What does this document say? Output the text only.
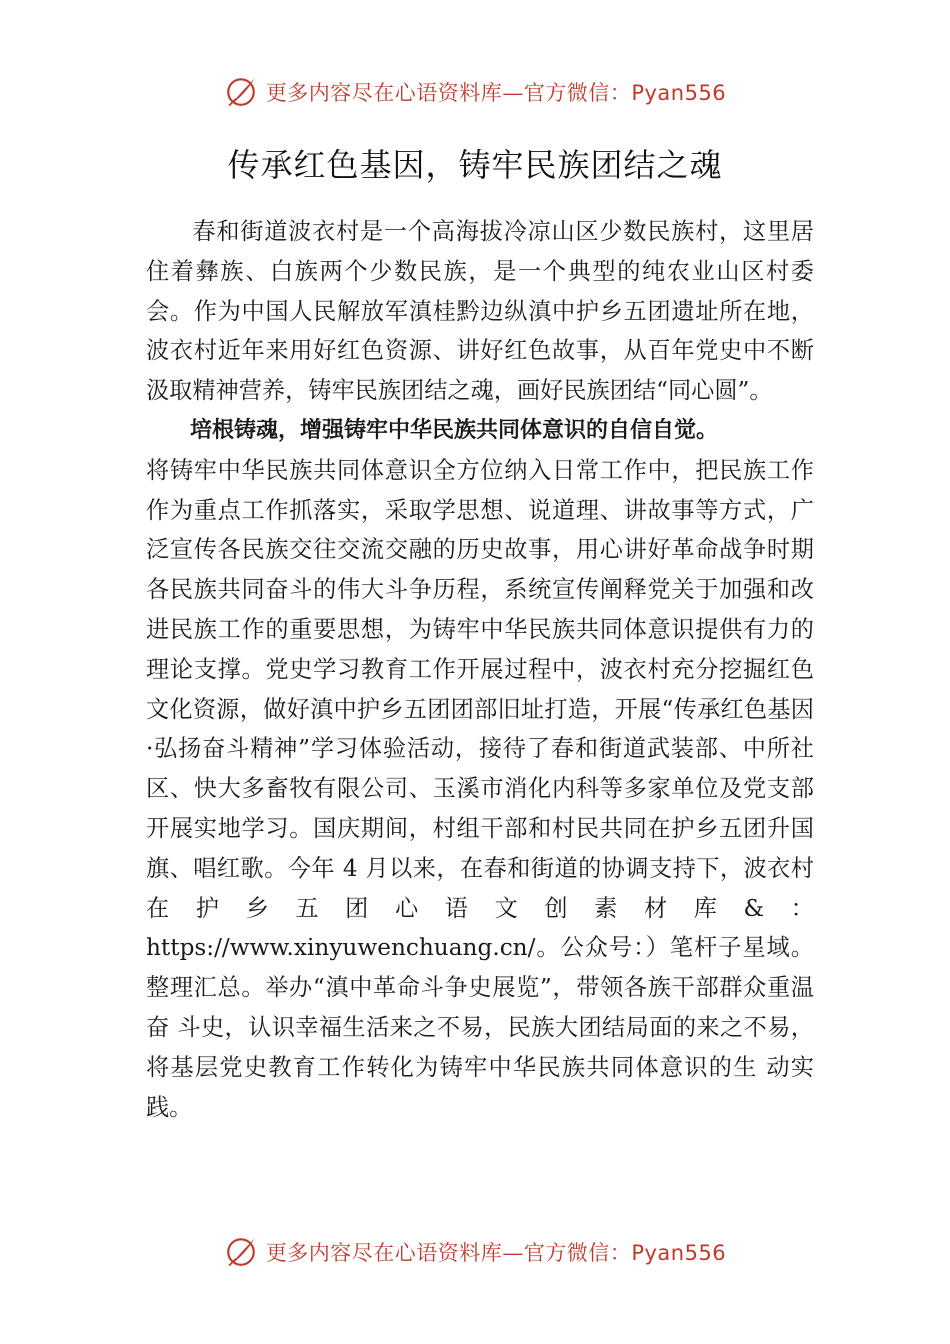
更多内容尽在心语资料库—官方微信：Pyan556
传承红色基因，铸牢民族团结之魂

春和街道波衣村是一个高海拔冷凉山区少数民族村，这里居住着彝族、白族两个少数民族，是一个典型的纯农业山区村委会。作为中国人民解放军滇桂黔边纵滇中护乡五团遗址所在地，波衣村近年来用好红色资源、讲好红色故事，从百年党史中不断汲取精神营养，铸牢民族团结之魂，画好民族团结“同心圆”。

培根铸魂，增强铸牢中华民族共同体意识的自信自觉。
将铸牢中华民族共同体意识全方位纳入日常工作中，把民族工作作为重点工作抓落实，采取学思想、说道理、讲故事等方式，广泛宣传各民族交往交流交融的历史故事，用心讲好革命战争时期各民族共同奋斗的伟大斗争历程，系统宣传阐释党关于加强和改进民族工作的重要思想，为铸牢中华民族共同体意识提供有力的理论支撑。党史学习教育工作开展过程中，波衣村充分挖掘红色文化资源，做好滇中护乡五团团部旧址打造，开展“传承红色基因·弘扬奋斗精神”学习体验活动，接待了春和街道武装部、中所社区、快大多畜牧有限公司、玉溪市消化内科等多家单位及党支部开展实地学习。国庆期间，村组干部和村民共同在护乡五团升国旗、唱红歌。今年 4 月以来，在春和街道的协调支持下，波衣村在护乡五团心语文创素材库&：https://www.xinyuwenchuang.cn/。公众号：）笔杆子星域。整理汇总。举办“滇中革命斗争史展览”，带领各族干部群众重温奋 斗史，认识幸福生活来之不易，民族大团结局面的来之不易， 将基层党史教育工作转化为铸牢中华民族共同体意识的生 动实践。

更多内容尽在心语资料库—官方微信：Pyan556
